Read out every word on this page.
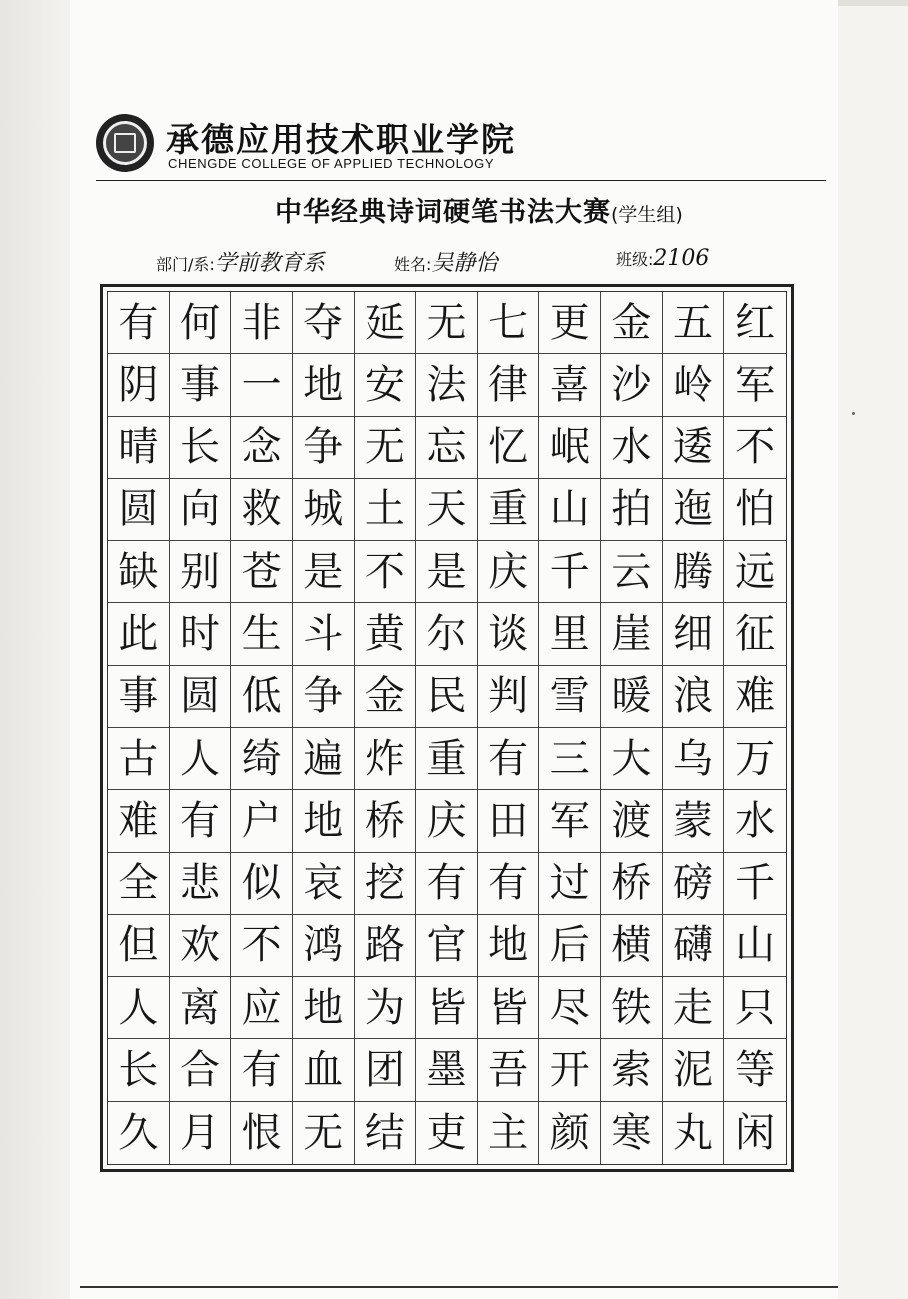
承德应用技术职业学院
CHENGDE COLLEGE OF APPLIED TECHNOLOGY
中华经典诗词硬笔书法大赛(学生组)
部门/系:学前教育系	姓名:吴静怡	班级:2106
有 何 非 夺 延 无 七 更 金 五 红
阴 事 一 地 安 法 律 喜 沙 岭 军
晴 长 念 争 无 忘 忆 岷 水 逶 不
圆 向 救 城 土 天 重 山 拍 迤 怕
缺 别 苍 是 不 是 庆 千 云 腾 远
此 时 生 斗 黄 尔 谈 里 崖 细 征
事 圆 低 争 金 民 判 雪 暖 浪 难
古 人 绮 遍 炸 重 有 三 大 乌 万
难 有 户 地 桥 庆 田 军 渡 蒙 水
全 悲 似 哀 挖 有 有 过 桥 磅 千
但 欢 不 鸿 路 官 地 后 横 礴 山
人 离 应 地 为 皆 皆 尽 铁 走 只
长 合 有 血 团 墨 吾 开 索 泥 等
久 月 恨 无 结 吏 主 颜 寒 丸 闲
